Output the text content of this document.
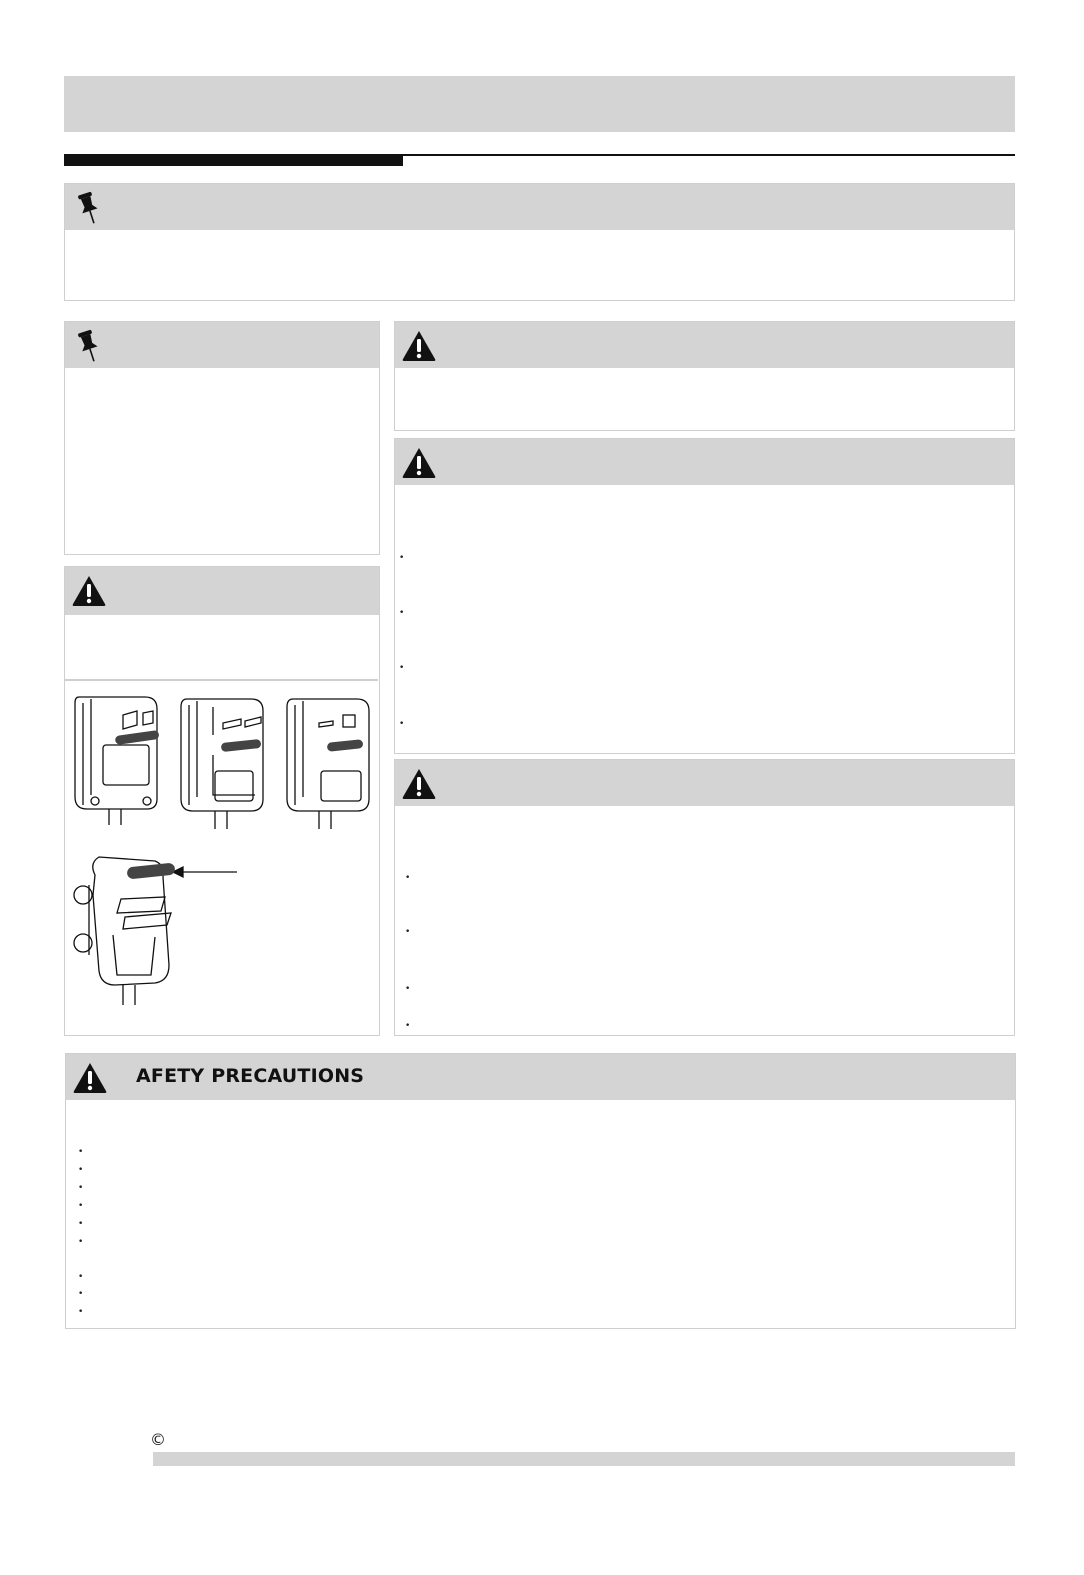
•
•
•
•
•
•
•
•
AFETY PRECAUTIONS
•
•
•
•
•
•
•
•
•
©
